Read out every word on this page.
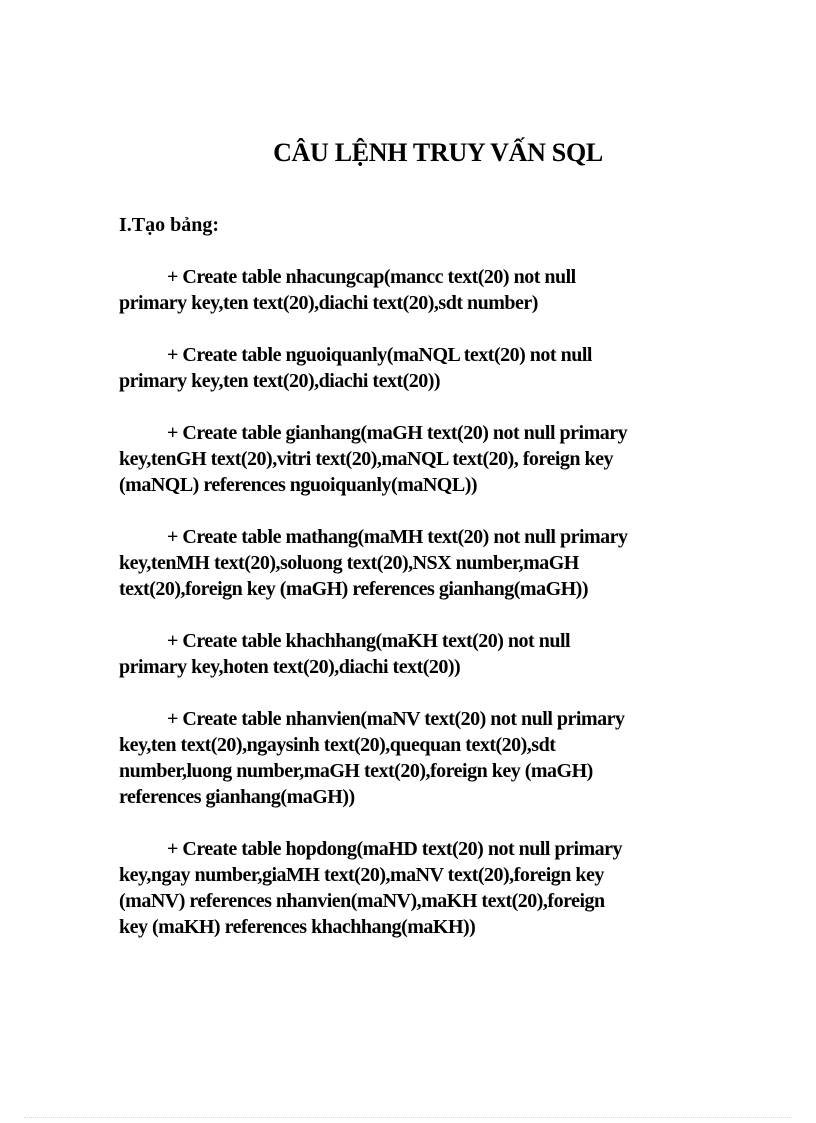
CÂU LỆNH TRUY VẤN SQL
I.Tạo bảng:
+ Create table nhacungcap(mancc text(20) not null
primary key,ten text(20),diachi text(20),sdt number)
+ Create table nguoiquanly(maNQL text(20) not null
primary key,ten text(20),diachi text(20))
+ Create table gianhang(maGH text(20) not null primary
key,tenGH text(20),vitri text(20),maNQL text(20), foreign key
(maNQL) references nguoiquanly(maNQL))
+ Create table mathang(maMH text(20) not null primary
key,tenMH text(20),soluong text(20),NSX number,maGH
text(20),foreign key (maGH) references gianhang(maGH))
+ Create table khachhang(maKH text(20) not null
primary key,hoten text(20),diachi text(20))
+ Create table nhanvien(maNV text(20) not null primary
key,ten text(20),ngaysinh text(20),quequan text(20),sdt
number,luong number,maGH text(20),foreign key (maGH)
references gianhang(maGH))
+ Create table hopdong(maHD text(20) not null primary
key,ngay number,giaMH text(20),maNV text(20),foreign key
(maNV) references nhanvien(maNV),maKH text(20),foreign
key (maKH) references khachhang(maKH))
